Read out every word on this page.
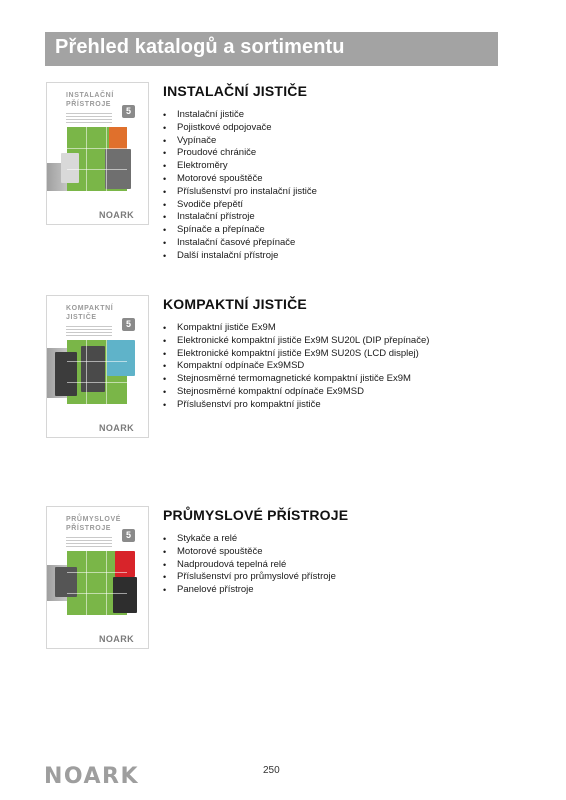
Přehled katalogů a sortimentu
INSTALAČNÍ PŘÍSTROJE
5
NOARK
INSTALAČNÍ JISTIČE
• Instalační jističe
• Pojistkové odpojovače
• Vypínače
• Proudové chrániče
• Elektroměry
• Motorové spouštěče
• Příslušenství pro instalační jističe
• Svodiče přepětí
• Instalační přístroje
• Spínače a přepínače
• Instalační časové přepínače
• Další instalační přístroje
KOMPAKTNÍ JISTIČE
5
NOARK
KOMPAKTNÍ JISTIČE
• Kompaktní jističe Ex9M
• Elektronické kompaktní jističe Ex9M SU20L (DIP přepínače)
• Elektronické kompaktní jističe Ex9M SU20S (LCD displej)
• Kompaktní odpínače Ex9MSD
• Stejnosměrné termomagnetické kompaktní jističe Ex9M
• Stejnosměrné kompaktní odpínače Ex9MSD
• Příslušenství pro kompaktní jističe
PRŮMYSLOVÉ PŘÍSTROJE
5
NOARK
PRŮMYSLOVÉ PŘÍSTROJE
• Stykače a relé
• Motorové spouštěče
• Nadproudová tepelná relé
• Příslušenství pro průmyslové přístroje
• Panelové přístroje
NOARK	250
